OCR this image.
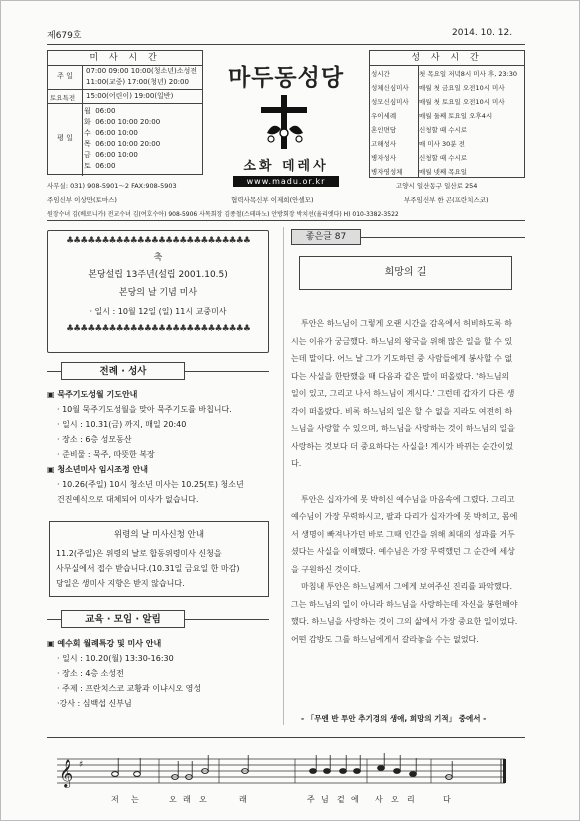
제679호	2014. 10. 12.
미 사 시 간
주 일
07:00 09:00 10:00(청소년)소성전
11:00(교중) 17:00(청년) 20:00
토요특전 15:00(어린이) 19:00(일반)
평 일
월 06:00
화 06:00 10:00 20:00
수 06:00 10:00
목 06:00 10:00 20:00
금 06:00 10:00
토 06:00
마두동성당
소화 데레사
www.madu.or.kr
성 사 시 간
성시간	첫 목요일 저녁8시 미사 후, 23:30
성체신심미사 매월 첫 금요일 오전10시 미사
성모신심미사 매월 첫 토요일 오전10시 미사
우이세례	매월 둘째 토요일 오후4시
혼인면담	신청할 때 수시로
고해성사	매 미사 30분 전
병자성사	신청할 때 수시로
병자영성체	매월 넷째 목요일
사무실: 031) 908-5901～2 FAX:908-5903	고양시 일산동구 일산로 254
주임신부 이상만(토마스)	협력사목신부 이제희(안셀모)	부주임신부 한 곤(프란치스코)
원장수녀 김(베로니카) 전교수녀 김(여호수아) 908-5906 사목회장 김종철(스테파노) 안방회장 박치선(율리엣다) H) 010-3382-3522
♣♣♣♣♣♣♣♣♣♣♣♣♣♣♣♣♣♣♣♣♣♣♣♣♣♣
축
본당설립 13주년(설립 2001.10.5)
본당의 날 기념 미사
· 일시 : 10월 12일 (일) 11시 교중미사
♣♣♣♣♣♣♣♣♣♣♣♣♣♣♣♣♣♣♣♣♣♣♣♣♣♣
전례 · 성사
▣ 묵주기도성월 기도안내
· 10월 묵주기도성월을 맞아 묵주기도를 바칩니다.
· 일시 : 10.31(금) 까지, 매일 20:40
· 장소 : 6층 성모동산
· 준비물 : 묵주, 따뜻한 복장
▣ 청소년미사 임시조정 안내
· 10.26(주일) 10시 청소년 미사는 10.25(토) 청소년
건진예식으로 대체되어 미사가 없습니다.
위령의 날 미사신청 안내
11.2(주일)은 위령의 날로 합동위령미사 신청을
사무실에서 접수 받습니다.(10.31일 금요일 한 마감)
당일은 생미사 지향은 받지 않습니다.
교육 · 모임 · 알림
▣ 예수회 월례특강 및 미사 안내
· 일시 : 10.20(월) 13:30-16:30
· 장소 : 4층 소성전
· 주제 : 프란치스코 교황과 이냐시오 영성
·강사 : 심백섭 신부님
좋은글 87
희망의 길

투안은 하느님이 그렇게 오랜 시간을 감옥에서 허비하도록 하시는 이유가 궁금했다. 하느님의 왕국을 위해 많은 일을 할 수 있는데 말이다. 어느 날 그가 기도하던 중 사람들에게 봉사할 수 없다는 사실을 한탄했을 때 다음과 같은 말이 떠올랐다. '하느님의 일이 있고, 그리고 나서 하느님이 계시다.' 그런데 갑자기 다른 생각이 떠올랐다. 비록 하느님의 일은 할 수 없을 지라도 여전히 하느님을 사랑할 수 있으며, 하느님을 사랑하는 것이 하느님의 일을 사랑하는 것보다 더 중요하다는 사실을! 계시가 바뀌는 순간이었다.

투안은 십자가에 못 박히신 예수님을 마음속에 그렸다. 그리고 예수님이 가장 무력하시고, 팔과 다리가 십자가에 못 박히고, 몸에서 생명이 빠져나가던 바로 그때 인간을 위해 최대의 성과를 거두셨다는 사실을 이해했다. 예수님은 가장 무력했던 그 순간에 세상을 구원하신 것이다.

마침내 투안은 하느님께서 그에게 보여주신 진리를 파악했다. 그는 하느님의 일이 아니라 하느님을 사랑하는데 자신을 봉헌해야 했다. 하느님을 사랑하는 것이 그의 삶에서 가장 중요한 일이었다. 어떤 감방도 그를 하느님에게서 갈라놓을 수는 없었다.

- 「무엔 반 투안 추기경의 생애, 희망의 기적」 중에서 -
𝄞 ♯
저 는	오 래 오	래	주 님 겉 에 사 오 리	다
